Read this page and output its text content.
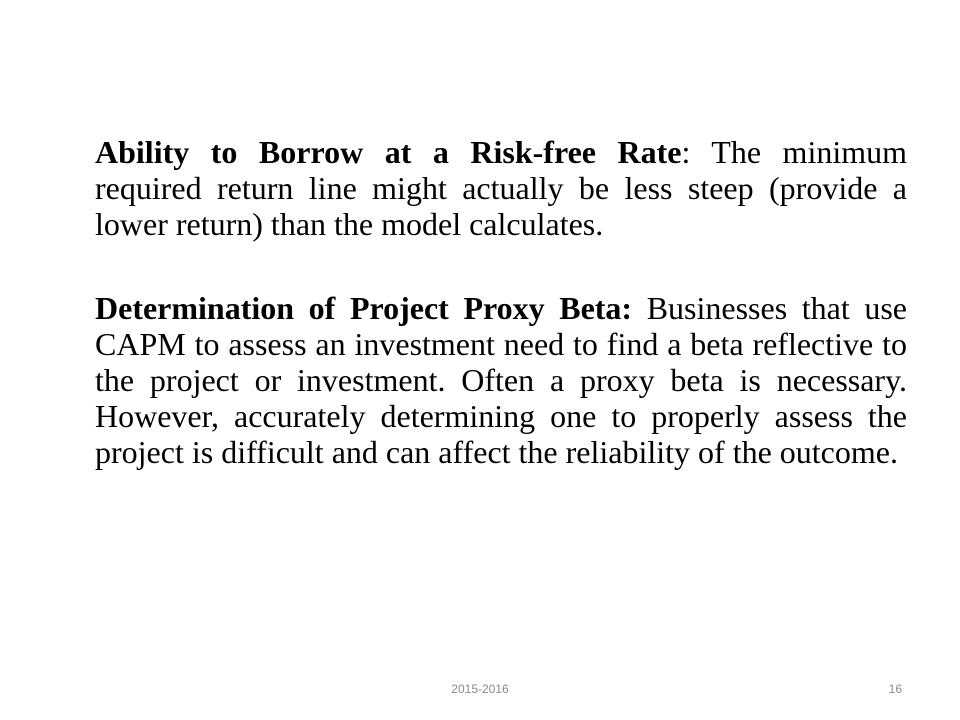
Ability to Borrow at a Risk-free Rate: The minimum required return line might actually be less steep (provide a lower return) than the model calculates.

Determination of Project Proxy Beta: Businesses that use CAPM to assess an investment need to find a beta reflective to the project or investment. Often a proxy beta is necessary. However, accurately determining one to properly assess the project is difficult and can affect the reliability of the outcome.

2015-2016	16
